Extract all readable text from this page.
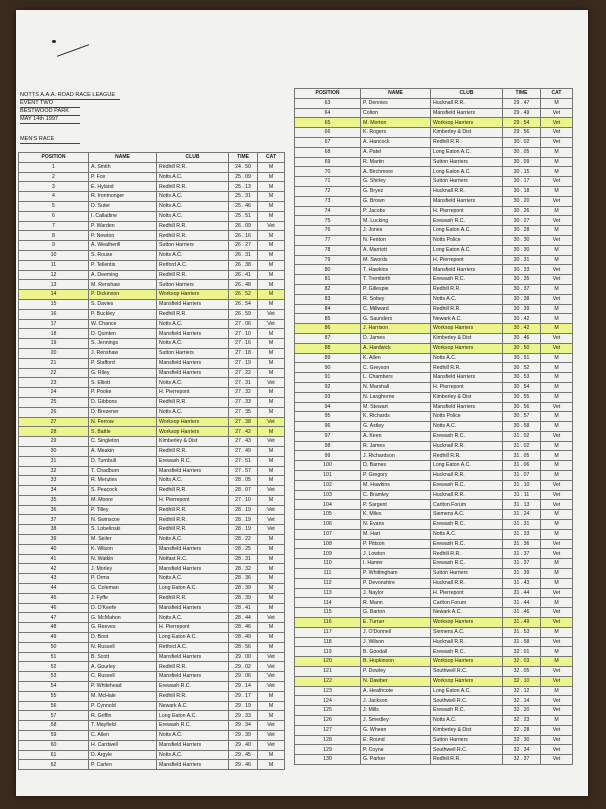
NOTTS A.A.A. ROAD RACE LEAGUE
EVENT TWO
BESTWOOD PARK
MAY 14th 1997
MEN'S RACE
POSITION	NAME	CLUB	TIME	CAT
1	A. Smith	Redhill R.R.	24 . 50	M
2	P. Fox	Notts A.C.	25 . 09	M
3	E. Hyland	Redhill R.R.	25 . 13	M
4	R. Ironmonger	Notts A.C.	25 . 31	M
5	D. Suter	Notts A.C.	25 . 46	M
6	I. Calladine	Notts A.C.	25 . 51	M
7	P. Warden	Redhill R.R.	26 . 09	Vet
8	P. Newton	Redhill R.R.	26 . 16	M
9	A. Weatherill	Sutton Harriers	26 . 27	M
10	S. Rouse	Notts A.C.	26 . 31	M
11	P. Tellentis	Retford A.C.	26 . 38	M
12	A. Deeming	Redhill R.R.	26 . 41	M
13	M. Renshaw	Sutton Harriers	26 . 48	M
14	P. Dickinson	Worksop Harriers	26 . 52	M
15	S. Davies	Mansfield Harriers	26 . 54	M
16	P. Buckley	Redhill R.R.	26 . 59	Vet
17	W. Chance	Notts A.C.	27 . 06	Vet
18	D. Quinten	Mansfield Harriers	27 . 10	M
19	S. Jennings	Notts A.C.	27 . 16	M
20	J. Renshaw	Sutton Harriers	27 . 18	M
21	P. Stafford	Mansfield Harriers	27 . 19	M
22	G. Riley	Mansfield Harriers	27 . 22	M
23	S. Elliott	Notts A.C.	27 . 31	Vet
24	P. Pooke	H. Pierrepont	27 . 32	M
25	D. Gibbons	Redhill R.R.	27 . 33	M
26	D. Brezener	Notts A.C.	27 . 35	M
27	N. Ferrow	Worksop Harriers	27 . 38	Vet
28	S. Battle	Worksop Harriers	27 . 42	M
29	C. Singleton	Kimberley & Dist	27 . 43	Vet
30	A. Meakin	Redhill R.R.	27 . 49	M
31	D. Turnbull	Erewash R.C.	27 . 51	M
32	T. Chadburn	Mansfield Harriers	27 . 57	M
33	R. Menzies	Notts A.C.	28 . 05	M
34	S. Peacock	Redhill R.R.	28 . 07	Vet
35	M. Moore	H. Pierrepont	27 . 10	M
36	P. Tilley	Redhill R.R.	28 . 19	Vet
37	N. Swinscoe	Redhill R.R.	28 . 19	Vet
38	S. Lobelinski	Redhill R.R.	28 . 19	Vet
39	M. Seiler	Notts A.C.	28 . 22	M
40	K. Wilson	Mansfield Harriers	28 . 25	M
41	N. Watkin	Notfast R.C.	28 . 31	M
42	J. Morley	Mansfield Harriers	28 . 32	M
43	P. Orms	Notts A.C.	28 . 36	M
44	G. Coleman	Long Eaton A.C.	28 . 39	M
45	J. Fyffe	Redhill R.R.	28 . 39	M
46	D. O'Keefe	Mansfield Harriers	28 . 41	M
47	G. McMahon	Notts A.C.	28 . 44	Vet
48	G. Reeves	H. Pierrepont	28 . 46	M
49	D. Boot	Long Eaton A.C.	28 . 49	M
50	N. Russell	Retford A.C.	28 . 56	M
51	B. Scott	Mansfield Harriers	29 . 00	Vet
52	A. Gourley	Redhill R.R.	29 . 02	Vet
53	C. Russell	Mansfield Harriers	29 . 06	Vet
54	P. Whitehead	Erewash R.C.	29 . 14	Vet
55	M. McHale	Redhill R.R.	29 . 17	M
56	P. Cynnold	Newark A.C.	29 . 19	M
57	R. Griffin	Long Eaton A.C.	29 . 33	M
58	T. Mayfield	Erewash R.C.	29 . 34	Vet
59	C. Allen	Notts A.C.	29 . 39	Vet
60	H. Cardwell	Mansfield Harriers	29 . 40	Vet
61	D. Argyle	Notts A.C.	29 . 45	M
62	P. Carlen	Mansfield Harriers	29 . 46	M
POSITION	NAME	CLUB	TIME	CAT
63	P. Dennies	Hucknall R.R.	29 . 47	M
64	Colton	Mansfield Harriers	29 . 49	Vet
65	M. Morton	Worksop Harriers	29 . 54	Vet
66	K. Rogers	Kimberley & Dist	29 . 56	Vet
67	A. Hancock	Redhill R.R.	30 . 02	Vet
68	A. Patel	Long Eaton A.C.	30 . 05	M
69	R. Martin	Sutton Harriers	30 . 09	M
70	A. Birchmore	Long Eaton A.C.	30 . 15	M
71	G. Shirley	Sutton Harriers	30 . 17	Vet
72	G. Bryez	Hucknall R.R.	30 . 18	M
73	G. Brown	Mansfield Harriers	30 . 20	Vet
74	P. Jacobs	H. Pierrepont	30 . 26	M
75	M. Lucking	Erewash R.C.	30 . 27	Vet
76	J. Jones	Long Eaton A.C.	30 . 28	M
77	N. Fenton	Notts Police	30 . 30	Vet
78	A. Marriott	Long Eaton A.C.	30 . 30	M
79	M. Swords	H. Pierrepont	30 . 31	M
80	T. Hawkins	Mansfield Harriers	30 . 33	Vet
81	T. Trembirth	Erewash R.C.	30 . 35	Vet
82	P. Gillespie	Redhill R.R.	30 . 37	M
83	R. Sobey	Notts A.C.	30 . 38	Vet
84	C. Millward	Redhill R.R.	30 . 39	M
85	G. Saunders	Newark A.C.	30 . 42	M
86	J. Harrison	Worksop Harriers	30 . 42	M
87	D. James	Kimberley & Dist	30 . 46	Vet
88	A. Hardwick	Worksop Harriers	30 . 50	Vet
89	K. Allen	Notts A.C.	30 . 51	M
90	C. Greyson	Redhill R.R.	30 . 52	M
91	L. Chambers	Mansfield Harriers	30 . 53	M
92	N. Marshall	H. Pierrepont	30 . 54	M
93	N. Langhorne	Kimberley & Dist	30 . 55	M
94	M. Stewart	Mansfield Harriers	30 . 56	Vet
95	K. Richards	Notts Police	30 . 57	M
96	G. Astley	Notts A.C.	30 . 58	M
97	A. Keen	Erewash R.C.	31 . 02	Vet
98	R. James	Hucknall R.R.	31 . 02	M
99	J. Richardson	Redhill R.R.	31 . 05	M
100	D. Barnes	Long Eaton A.C.	31 . 06	M
101	P. Gregory	Hucknall R.R.	31 . 07	M
102	M. Hawkins	Erewash R.C.	31 . 10	Vet
103	C. Bramley	Hucknall R.R.	31 . 11	Vet
104	P. Sargent	Carlton Forum	31 . 13	Vet
105	K. Miles	Siemens A.C.	31 . 24	M
106	N. Evans	Erewash R.C.	31 . 31	M
107	M. Hart	Notts A.C.	31 . 33	M
108	P. Pittson	Erewash R.C.	31 . 36	Vet
109	J. Lowton	Redhill R.R.	31 . 37	Vet
110	I. Hamer	Erewash R.C.	31 . 37	M
111	P. Whittingham	Sutton Harriers	31 . 39	M
112	P. Devonshire	Hucknall R.R.	31 . 43	M
113	J. Naylor	H. Pierrepont	31 . 44	Vet
114	R. Mann	Carlton Forum	31 . 44	M
115	G. Barton	Newark A.C.	31 . 46	Vet
116	E. Turner	Worksop Harriers	31 . 49	Vet
117	J. O'Donnell	Siemens A.C.	31 . 53	M
118	J. Wilson	Hucknall R.R.	31 . 58	Vet
119	B. Goodall	Erewash R.C.	32 . 01	M
120	B. Hopkinson	Worksop Harriers	32 . 03	M
121	P. Dowley	Southwell R.C.	32 . 05	Vet
122	N. Dawber	Worksop Harriers	32 . 10	Vet
123	A. Heathcote	Long Eaton A.C.	32 . 12	M
124	J. Jackson	Southwell R.C.	32 . 14	Vet
125	J. Mills	Erewash R.C.	32 . 20	Vet
126	J. Smedley	Notts A.C.	32 . 23	M
127	G. Wheen	Kimberley & Dist	32 . 28	Vet
128	E. Round	Sutton Harriers	32 . 30	Vet
129	P. Coyne	Southwell R.C.	32 . 34	Vet
130	G. Parker	Redhill R.R.	32 . 37	Vet
